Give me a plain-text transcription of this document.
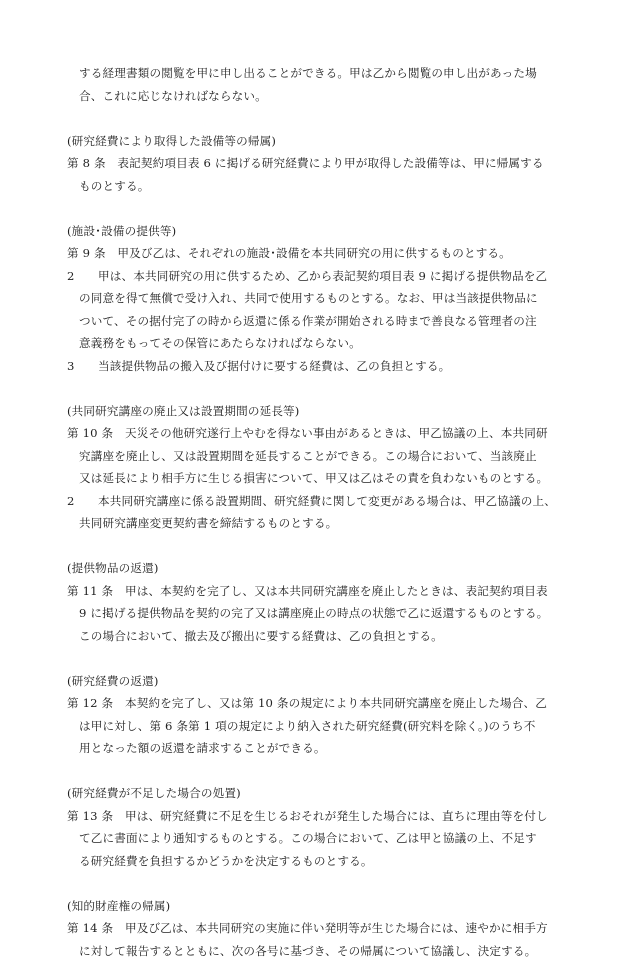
する経理書類の閲覧を甲に申し出ることができる。甲は乙から閲覧の申し出があった場

合、これに応じなければならない。

(研究経費により取得した設備等の帰属)

第 8 条　表記契約項目表 6 に掲げる研究経費により甲が取得した設備等は、甲に帰属する

ものとする。

(施設･設備の提供等)

第 9 条　甲及び乙は、それぞれの施設･設備を本共同研究の用に供するものとする。

2　　甲は、本共同研究の用に供するため、乙から表記契約項目表 9 に掲げる提供物品を乙

の同意を得て無償で受け入れ、共同で使用するものとする。なお、甲は当該提供物品に

ついて、その据付完了の時から返還に係る作業が開始される時まで善良なる管理者の注

意義務をもってその保管にあたらなければならない。

3　　当該提供物品の搬入及び据付けに要する経費は、乙の負担とする。

(共同研究講座の廃止又は設置期間の延長等)

第 10 条　天災その他研究遂行上やむを得ない事由があるときは、甲乙協議の上、本共同研

究講座を廃止し、又は設置期間を延長することができる。この場合において、当該廃止

又は延長により相手方に生じる損害について、甲又は乙はその責を負わないものとする。

2　　本共同研究講座に係る設置期間、研究経費に関して変更がある場合は、甲乙協議の上、

共同研究講座変更契約書を締結するものとする。

(提供物品の返還)

第 11 条　甲は、本契約を完了し、又は本共同研究講座を廃止したときは、表記契約項目表

9 に掲げる提供物品を契約の完了又は講座廃止の時点の状態で乙に返還するものとする。

この場合において、撤去及び搬出に要する経費は、乙の負担とする。

(研究経費の返還)

第 12 条　本契約を完了し、又は第 10 条の規定により本共同研究講座を廃止した場合、乙

は甲に対し、第 6 条第 1 項の規定により納入された研究経費(研究料を除く。)のうち不

用となった額の返還を請求することができる。

(研究経費が不足した場合の処置)

第 13 条　甲は、研究経費に不足を生じるおそれが発生した場合には、直ちに理由等を付し

て乙に書面により通知するものとする。この場合において、乙は甲と協議の上、不足す

る研究経費を負担するかどうかを決定するものとする。

(知的財産権の帰属)

第 14 条　甲及び乙は、本共同研究の実施に伴い発明等が生じた場合には、速やかに相手方

に対して報告するとともに、次の各号に基づき、その帰属について協議し、決定する。
